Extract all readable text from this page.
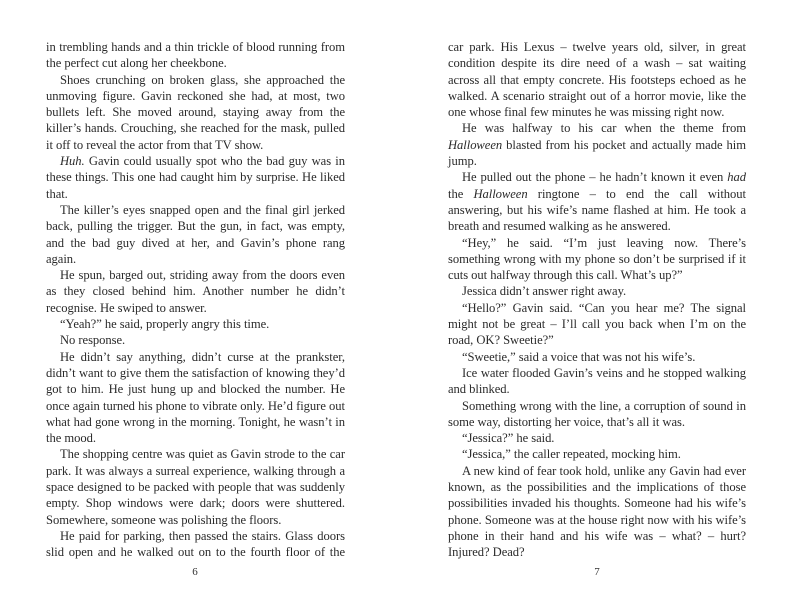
in trembling hands and a thin trickle of blood running from the perfect cut along her cheekbone.

Shoes crunching on broken glass, she approached the unmoving figure. Gavin reckoned she had, at most, two bullets left. She moved around, staying away from the killer’s hands. Crouching, she reached for the mask, pulled it off to reveal the actor from that TV show.

Huh. Gavin could usually spot who the bad guy was in these things. This one had caught him by surprise. He liked that.

The killer’s eyes snapped open and the final girl jerked back, pulling the trigger. But the gun, in fact, was empty, and the bad guy dived at her, and Gavin’s phone rang again.

He spun, barged out, striding away from the doors even as they closed behind him. Another number he didn’t recognise. He swiped to answer.

“Yeah?” he said, properly angry this time.

No response.

He didn’t say anything, didn’t curse at the prankster, didn’t want to give them the satisfaction of knowing they’d got to him. He just hung up and blocked the number. He once again turned his phone to vibrate only. He’d figure out what had gone wrong in the morning. Tonight, he wasn’t in the mood.

The shopping centre was quiet as Gavin strode to the car park. It was always a surreal experience, walking through a space designed to be packed with people that was suddenly empty. Shop windows were dark; doors were shuttered. Somewhere, someone was polishing the floors.

He paid for parking, then passed the stairs. Glass doors slid open and he walked out on to the fourth floor of the

6

car park. His Lexus – twelve years old, silver, in great condition despite its dire need of a wash – sat waiting across all that empty concrete. His footsteps echoed as he walked. A scenario straight out of a horror movie, like the one whose final few minutes he was missing right now.

He was halfway to his car when the theme from Halloween blasted from his pocket and actually made him jump.

He pulled out the phone – he hadn’t known it even had the Halloween ringtone – to end the call without answering, but his wife’s name flashed at him. He took a breath and resumed walking as he answered.

“Hey,” he said. “I’m just leaving now. There’s something wrong with my phone so don’t be surprised if it cuts out halfway through this call. What’s up?”

Jessica didn’t answer right away.

“Hello?” Gavin said. “Can you hear me? The signal might not be great – I’ll call you back when I’m on the road, OK? Sweetie?”

“Sweetie,” said a voice that was not his wife’s.

Ice water flooded Gavin’s veins and he stopped walking and blinked.

Something wrong with the line, a corruption of sound in some way, distorting her voice, that’s all it was.

“Jessica?” he said.

“Jessica,” the caller repeated, mocking him.

A new kind of fear took hold, unlike any Gavin had ever known, as the possibilities and the implications of those possibilities invaded his thoughts. Someone had his wife’s phone. Someone was at the house right now with his wife’s phone in their hand and his wife was – what? – hurt? Injured? Dead?

7
